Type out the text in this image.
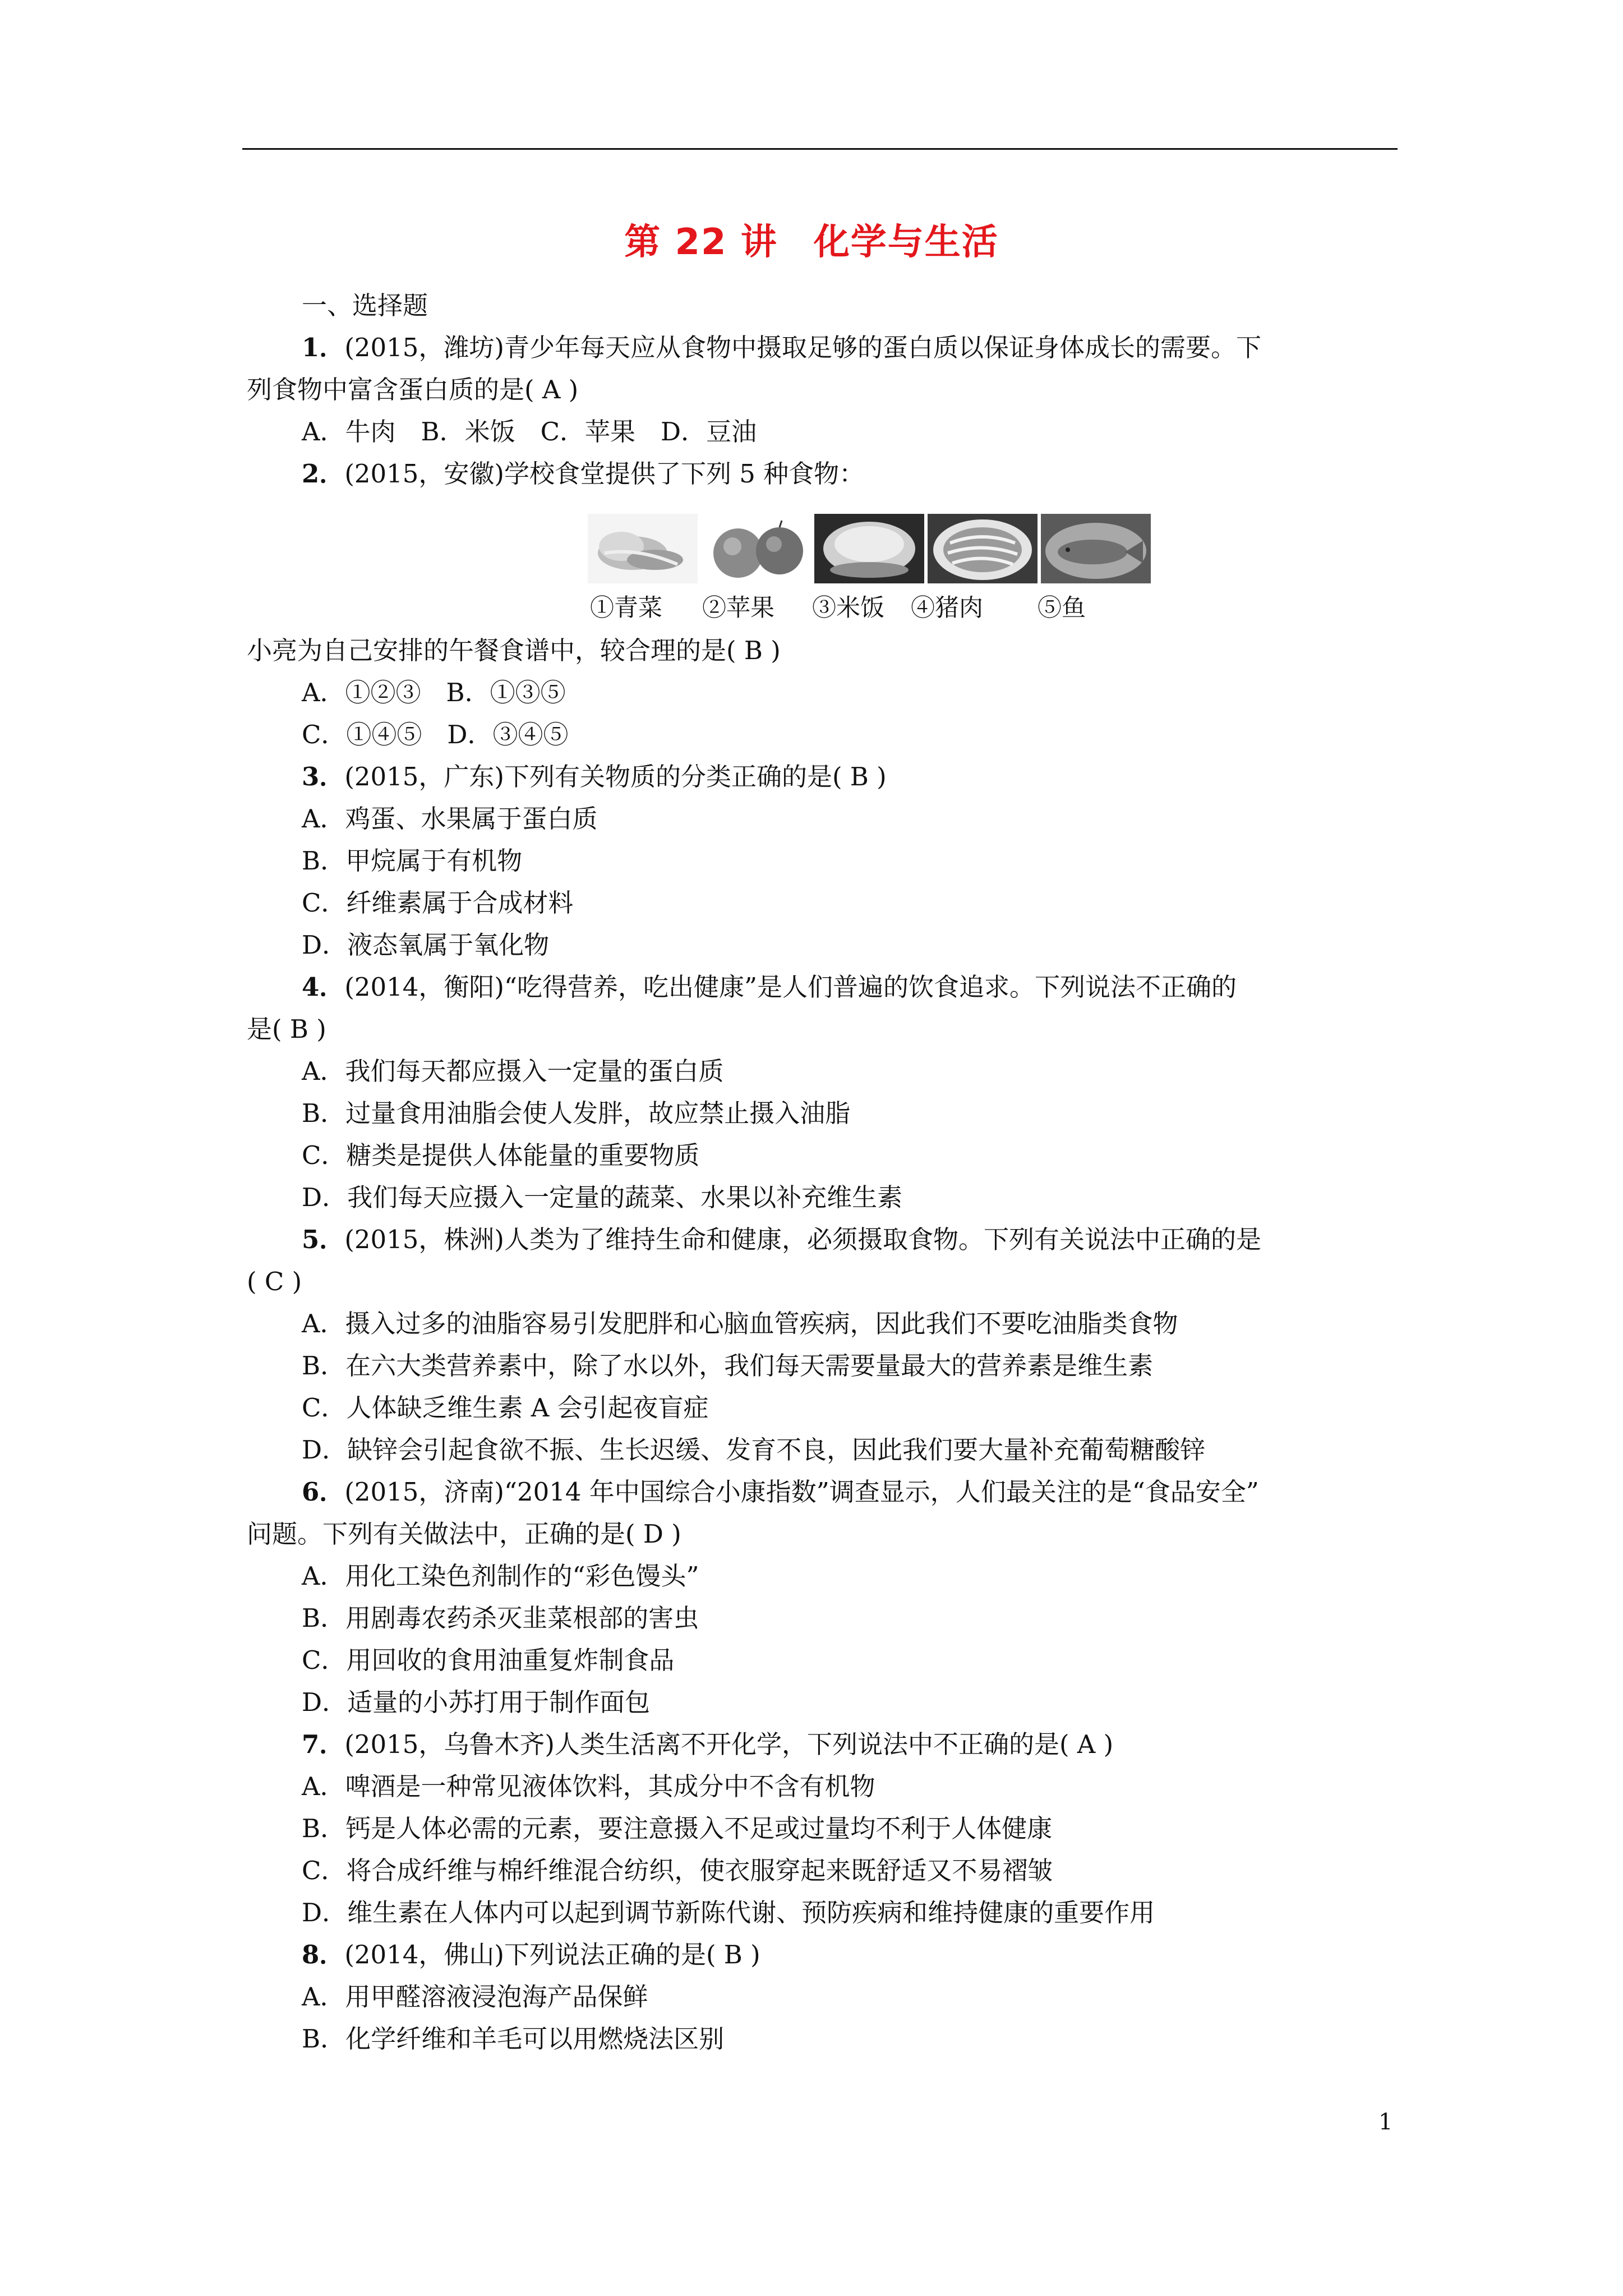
第 22 讲 化学与生活
一、选择题
1．(2015，潍坊)青少年每天应从食物中摄取足够的蛋白质以保证身体成长的需要。下
列食物中富含蛋白质的是( A )
A．牛肉　B．米饭　C．苹果　D．豆油
2．(2015，安徽)学校食堂提供了下列 5 种食物：
①青菜 ②苹果 ③米饭 ④猪肉 ⑤鱼
小亮为自己安排的午餐食谱中，较合理的是( B )
A．①②③　B．①③⑤
C．①④⑤　D．③④⑤
3．(2015，广东)下列有关物质的分类正确的是( B )
A．鸡蛋、水果属于蛋白质
B．甲烷属于有机物
C．纤维素属于合成材料
D．液态氧属于氧化物
4．(2014，衡阳)“吃得营养，吃出健康”是人们普遍的饮食追求。下列说法不正确的
是( B )
A．我们每天都应摄入一定量的蛋白质
B．过量食用油脂会使人发胖，故应禁止摄入油脂
C．糖类是提供人体能量的重要物质
D．我们每天应摄入一定量的蔬菜、水果以补充维生素
5．(2015，株洲)人类为了维持生命和健康，必须摄取食物。下列有关说法中正确的是
( C )
A．摄入过多的油脂容易引发肥胖和心脑血管疾病，因此我们不要吃油脂类食物
B．在六大类营养素中，除了水以外，我们每天需要量最大的营养素是维生素
C．人体缺乏维生素 A 会引起夜盲症
D．缺锌会引起食欲不振、生长迟缓、发育不良，因此我们要大量补充葡萄糖酸锌
6．(2015，济南)“2014 年中国综合小康指数”调查显示，人们最关注的是“食品安全”
问题。下列有关做法中，正确的是( D )
A．用化工染色剂制作的“彩色馒头”
B．用剧毒农药杀灭韭菜根部的害虫
C．用回收的食用油重复炸制食品
D．适量的小苏打用于制作面包
7．(2015，乌鲁木齐)人类生活离不开化学，下列说法中不正确的是( A )
A．啤酒是一种常见液体饮料，其成分中不含有机物
B．钙是人体必需的元素，要注意摄入不足或过量均不利于人体健康
C．将合成纤维与棉纤维混合纺织，使衣服穿起来既舒适又不易褶皱
D．维生素在人体内可以起到调节新陈代谢、预防疾病和维持健康的重要作用
8．(2014，佛山)下列说法正确的是( B )
A．用甲醛溶液浸泡海产品保鲜
B．化学纤维和羊毛可以用燃烧法区别
1
